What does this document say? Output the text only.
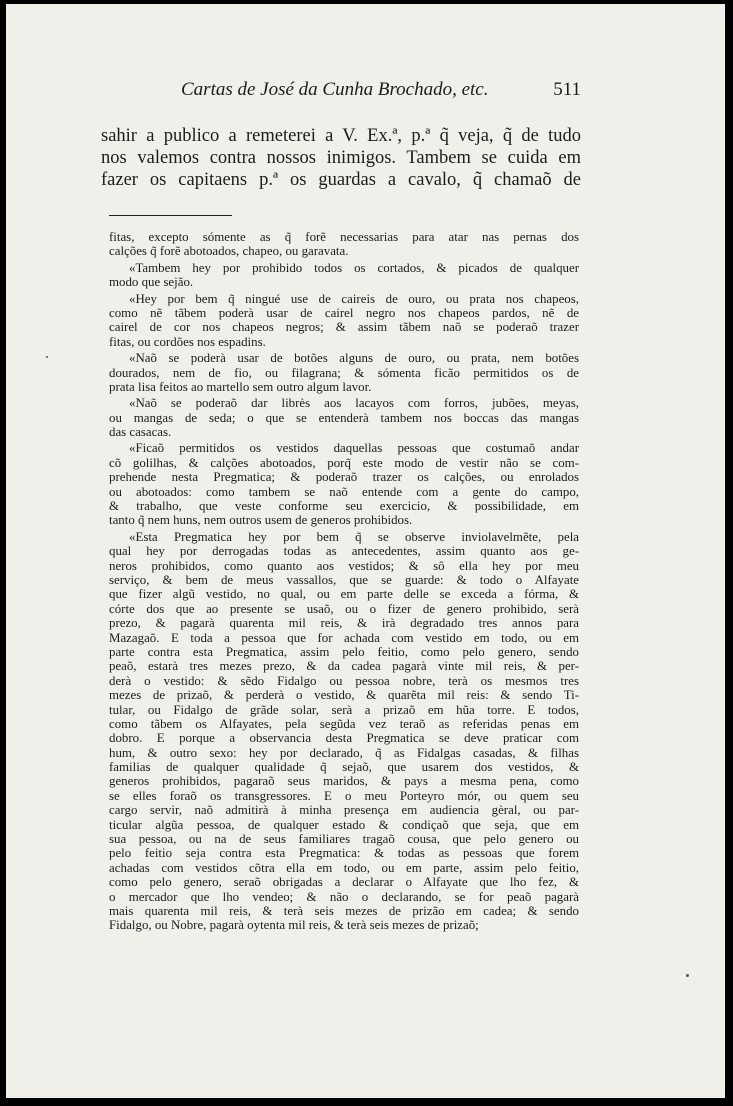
Cartas de José da Cunha Brochado, etc.	511
sahir a publico a remeterei a V. Ex.ª, p.ª q̃ veja, q̃ de tudo
nos valemos contra nossos inimigos. Tambem se cuida em
fazer os capitaens p.ª os guardas a cavalo, q̃ chamaõ de

fitas, excepto sómente as q̃ forẽ necessarias para atar nas pernas dos
calções q̃ forẽ abotoados, chapeo, ou garavata.

«Tambem hey por prohibido todos os cortados, & picados de qualquer
modo que sejão.

«Hey por bem q̃ ningué use de caireis de ouro, ou prata nos chapeos,
como nẽ tãbem poderà usar de cairel negro nos chapeos pardos, nẽ de
cairel de cor nos chapeos negros; & assim tãbem naõ se poderaõ trazer
fitas, ou cordões nos espadins.

«Naõ se poderà usar de botões alguns de ouro, ou prata, nem botões
dourados, nem de fio, ou filagrana; & sómenta ficão permitidos os de
prata lisa feitos ao martello sem outro algum lavor.

«Naõ se poderaõ dar librès aos lacayos com forros, jubões, meyas,
ou mangas de seda; o que se entenderà tambem nos boccas das mangas
das casacas.

«Ficaõ permitidos os vestidos daquellas pessoas que costumaõ andar
cõ golilhas, & calções abotoados, porq̃ este modo de vestir não se com-
prehende nesta Pregmatica; & poderaõ trazer os calções, ou enrolados
ou abotoados: como tambem se naõ entende com a gente do campo,
& trabalho, que veste conforme seu exercicio, & possibilidade, em
tanto q̃ nem huns, nem outros usem de generos prohibidos.

«Esta Pregmatica hey por bem q̃ se observe inviolavelmẽte, pela
qual hey por derrogadas todas as antecedentes, assim quanto aos ge-
neros prohibidos, como quanto aos vestidos; & sô ella hey por meu
serviço, & bem de meus vassallos, que se guarde: & todo o Alfayate
que fizer algũ vestido, no qual, ou em parte delle se exceda a fórma, &
córte dos que ao presente se usaõ, ou o fizer de genero prohibido, serà
prezo, & pagarà quarenta mil reis, & irà degradado tres annos para
Mazagaõ. E toda a pessoa que for achada com vestido em todo, ou em
parte contra esta Pregmatica, assim pelo feitio, como pelo genero, sendo
peaõ, estarà tres mezes prezo, & da cadea pagarà vinte mil reis, & per-
derà o vestido: & sẽdo Fidalgo ou pessoa nobre, terà os mesmos tres
mezes de prizaõ, & perderà o vestido, & quarẽta mil reis: & sendo Ti-
tular, ou Fidalgo de grãde solar, serà a prizaõ em hũa torre. E todos,
como tãbem os Alfayates, pela segũda vez teraõ as referidas penas em
dobro. E porque a observancia desta Pregmatica se deve praticar com
hum, & outro sexo: hey por declarado, q̃ as Fidalgas casadas, & filhas
familias de qualquer qualidade q̃ sejaõ, que usarem dos vestidos, &
generos prohibidos, pagaraõ seus maridos, & pays a mesma pena, como
se elles foraõ os transgressores. E o meu Porteyro mór, ou quem seu
cargo servir, naõ admitirà à minha presença em audiencia gèral, ou par-
ticular algũa pessoa, de qualquer estado & condiçaõ que seja, que em
sua pessoa, ou na de seus familiares tragaõ cousa, que pelo genero ou
pelo feitio seja contra esta Pregmatica: & todas as pessoas que forem
achadas com vestidos cõtra ella em todo, ou em parte, assim pelo feitio,
como pelo genero, seraõ obrigadas a declarar o Alfayate que lho fez, &
o mercador que lho vendeo; & não o declarando, se for peaõ pagarà
mais quarenta mil reis, & terà seis mezes de prizão em cadea; & sendo
Fidalgo, ou Nobre, pagarà oytenta mil reis, & terà seis mezes de prizaõ;
